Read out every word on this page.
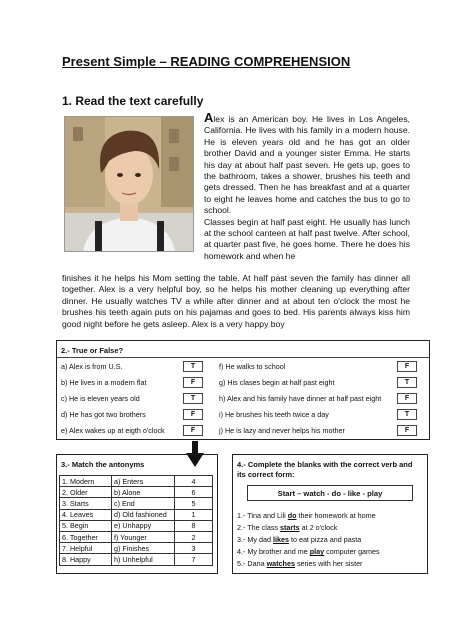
Present Simple – READING COMPREHENSION
1. Read the text carefully
Alex is an American boy. He lives in Los Angeles, California. He lives with his family in a modern house. He is eleven years old and he has got an older brother David and a younger sister Emma. He starts his day at about half past seven. He gets up, goes to the bathroom, takes a shower, brushes his teeth and gets dressed. Then he has breakfast and at a quarter to eight he leaves home and catches the bus to go to school.
Classes begin at half past eight. He usually has lunch at the school canteen at half past twelve. After school, at quarter past five, he goes home. There he does his homework and when he
finishes it he helps his Mom setting the table. At half past seven the family has dinner all together. Alex is a very helpful boy, so he helps his mother cleaning up everything after dinner. He usually watches TV a while after dinner and at about ten o'clock the most he brushes his teeth again puts on his pajamas and goes to bed. His parents always kiss him good night before he gets asleep. Alex is a very happy boy
2.- True or False?
a) Alex is from U.S.	T
b) He lives in a modern flat	F
c) He is eleven years old	T
d) He has got two brothers	F
e) Alex wakes up at eigth o'clock	F
f) He walks to school	F
g) His clases begin at half past eight	T
h) Alex and his family have dinner at half past eight	F
i) He brushes his teeth twice a day	T
j) He is lazy and never helps his mother	F
3.- Match the antonyms
1. Modern	a) Enters	4
2. Older	b) Alone	6
3. Starts	c) End	5
4. Leaves	d) Old fashioned	1
5. Begin	e) Unhappy	8
6. Together	f) Younger	2
7. Helpful	g) Finishes	3
8. Happy	h) Unhelpful	7
4.- Complete the blanks with the correct verb and its correct form:
Start – watch - do - like - play
1.- Tina and Lili do their homework at home
2.- The class starts at 2 o'clock
3.- My dad likes to eat pizza and pasta
4.- My brother and me play computer games
5.- Dana watches series with her sister
